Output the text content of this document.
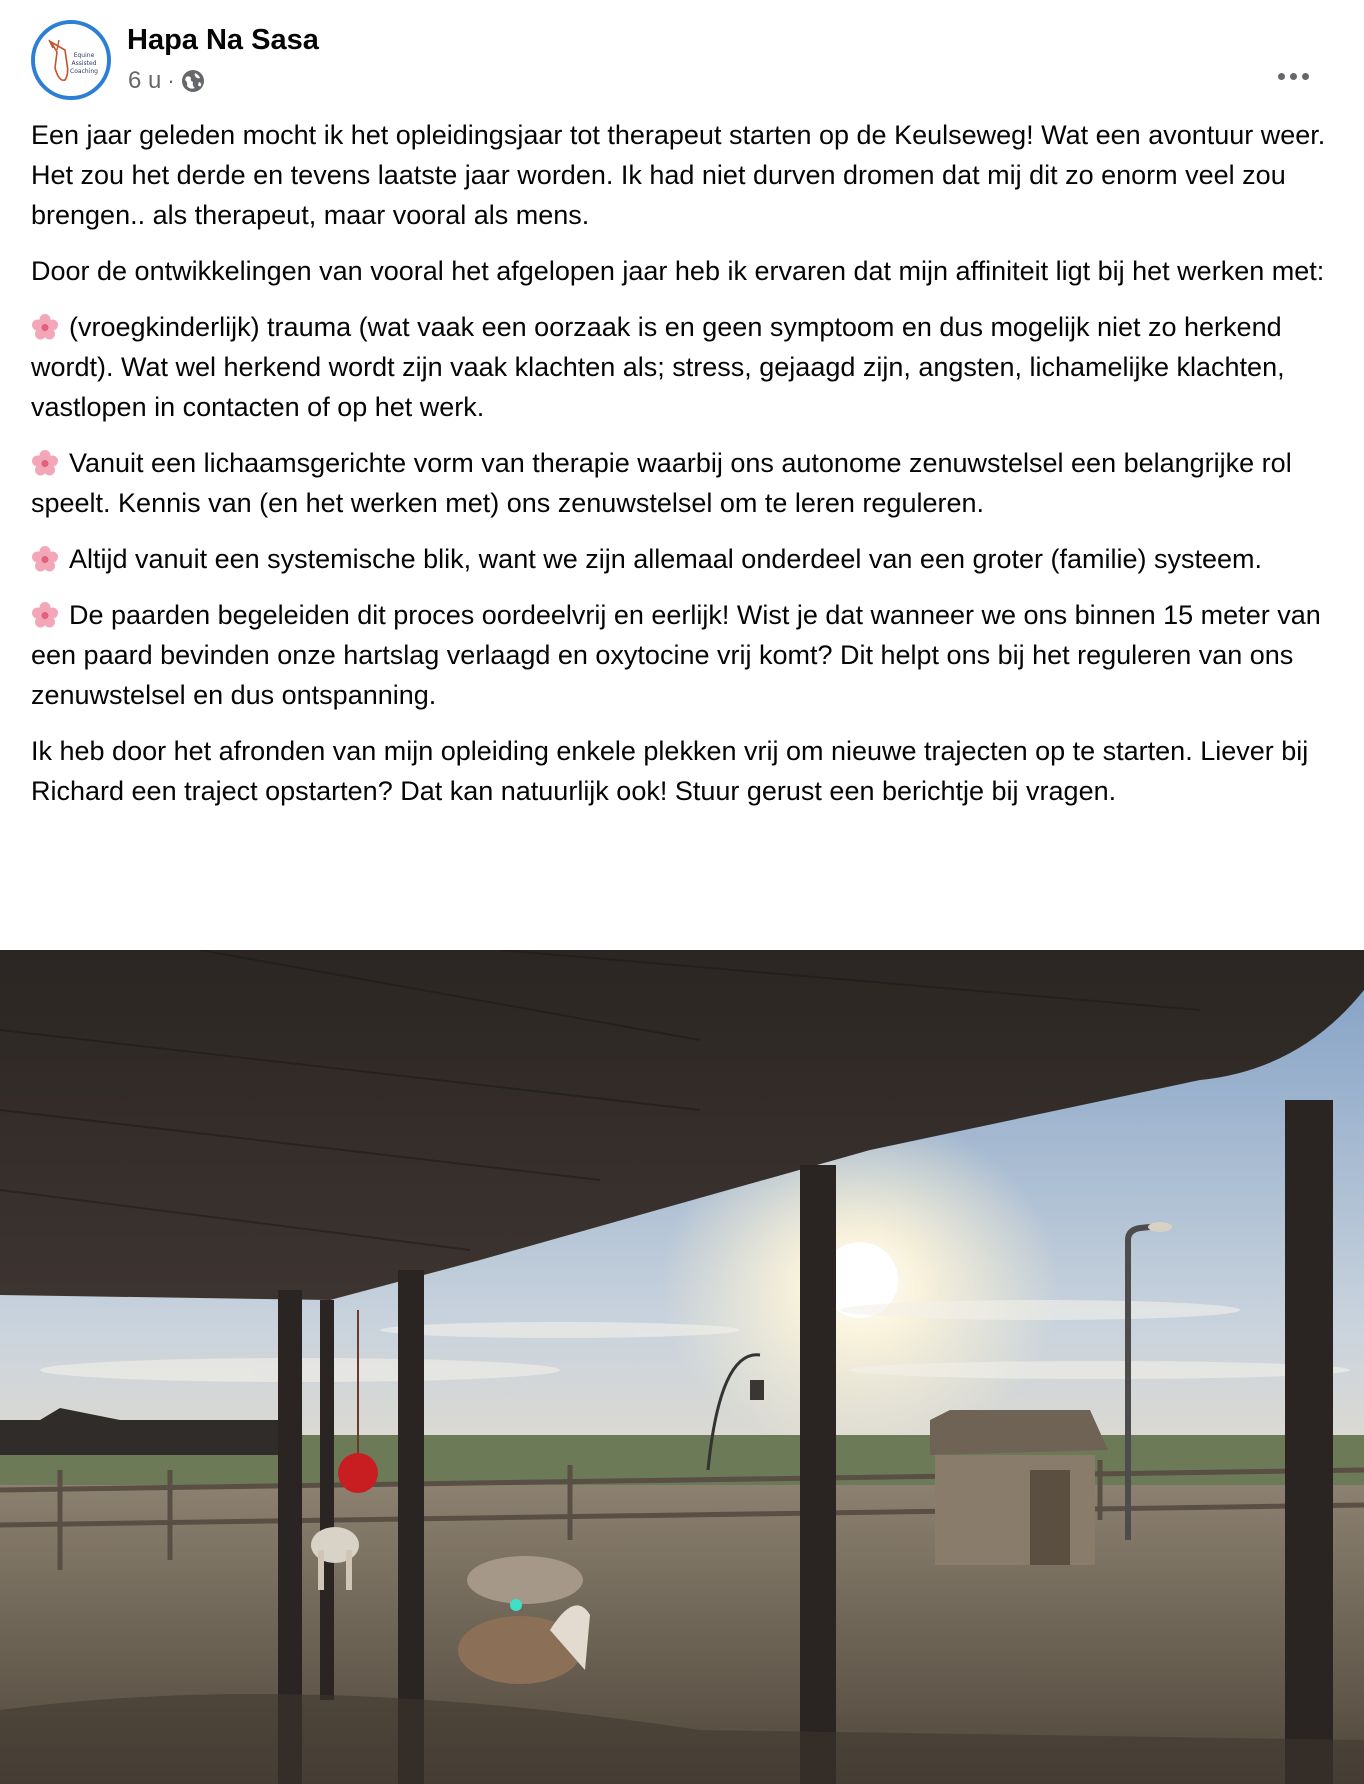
Equine
Assisted
Coaching
Hapa Na Sasa
6 u ·

Een jaar geleden mocht ik het opleidingsjaar tot therapeut starten op de Keulseweg! Wat een avontuur weer. Het zou het derde en tevens laatste jaar worden. Ik had niet durven dromen dat mij dit zo enorm veel zou brengen.. als therapeut, maar vooral als mens.

Door de ontwikkelingen van vooral het afgelopen jaar heb ik ervaren dat mijn affiniteit ligt bij het werken met:

(vroegkinderlijk) trauma (wat vaak een oorzaak is en geen symptoom en dus mogelijk niet zo herkend wordt). Wat wel herkend wordt zijn vaak klachten als; stress, gejaagd zijn, angsten, lichamelijke klachten, vastlopen in contacten of op het werk.

Vanuit een lichaamsgerichte vorm van therapie waarbij ons autonome zenuwstelsel een belangrijke rol speelt. Kennis van (en het werken met) ons zenuwstelsel om te leren reguleren.

Altijd vanuit een systemische blik, want we zijn allemaal onderdeel van een groter (familie) systeem.

De paarden begeleiden dit proces oordeelvrij en eerlijk! Wist je dat wanneer we ons binnen 15 meter van een paard bevinden onze hartslag verlaagd en oxytocine vrij komt? Dit helpt ons bij het reguleren van ons zenuwstelsel en dus ontspanning.

Ik heb door het afronden van mijn opleiding enkele plekken vrij om nieuwe trajecten op te starten. Liever bij Richard een traject opstarten? Dat kan natuurlijk ook! Stuur gerust een berichtje bij vragen.
